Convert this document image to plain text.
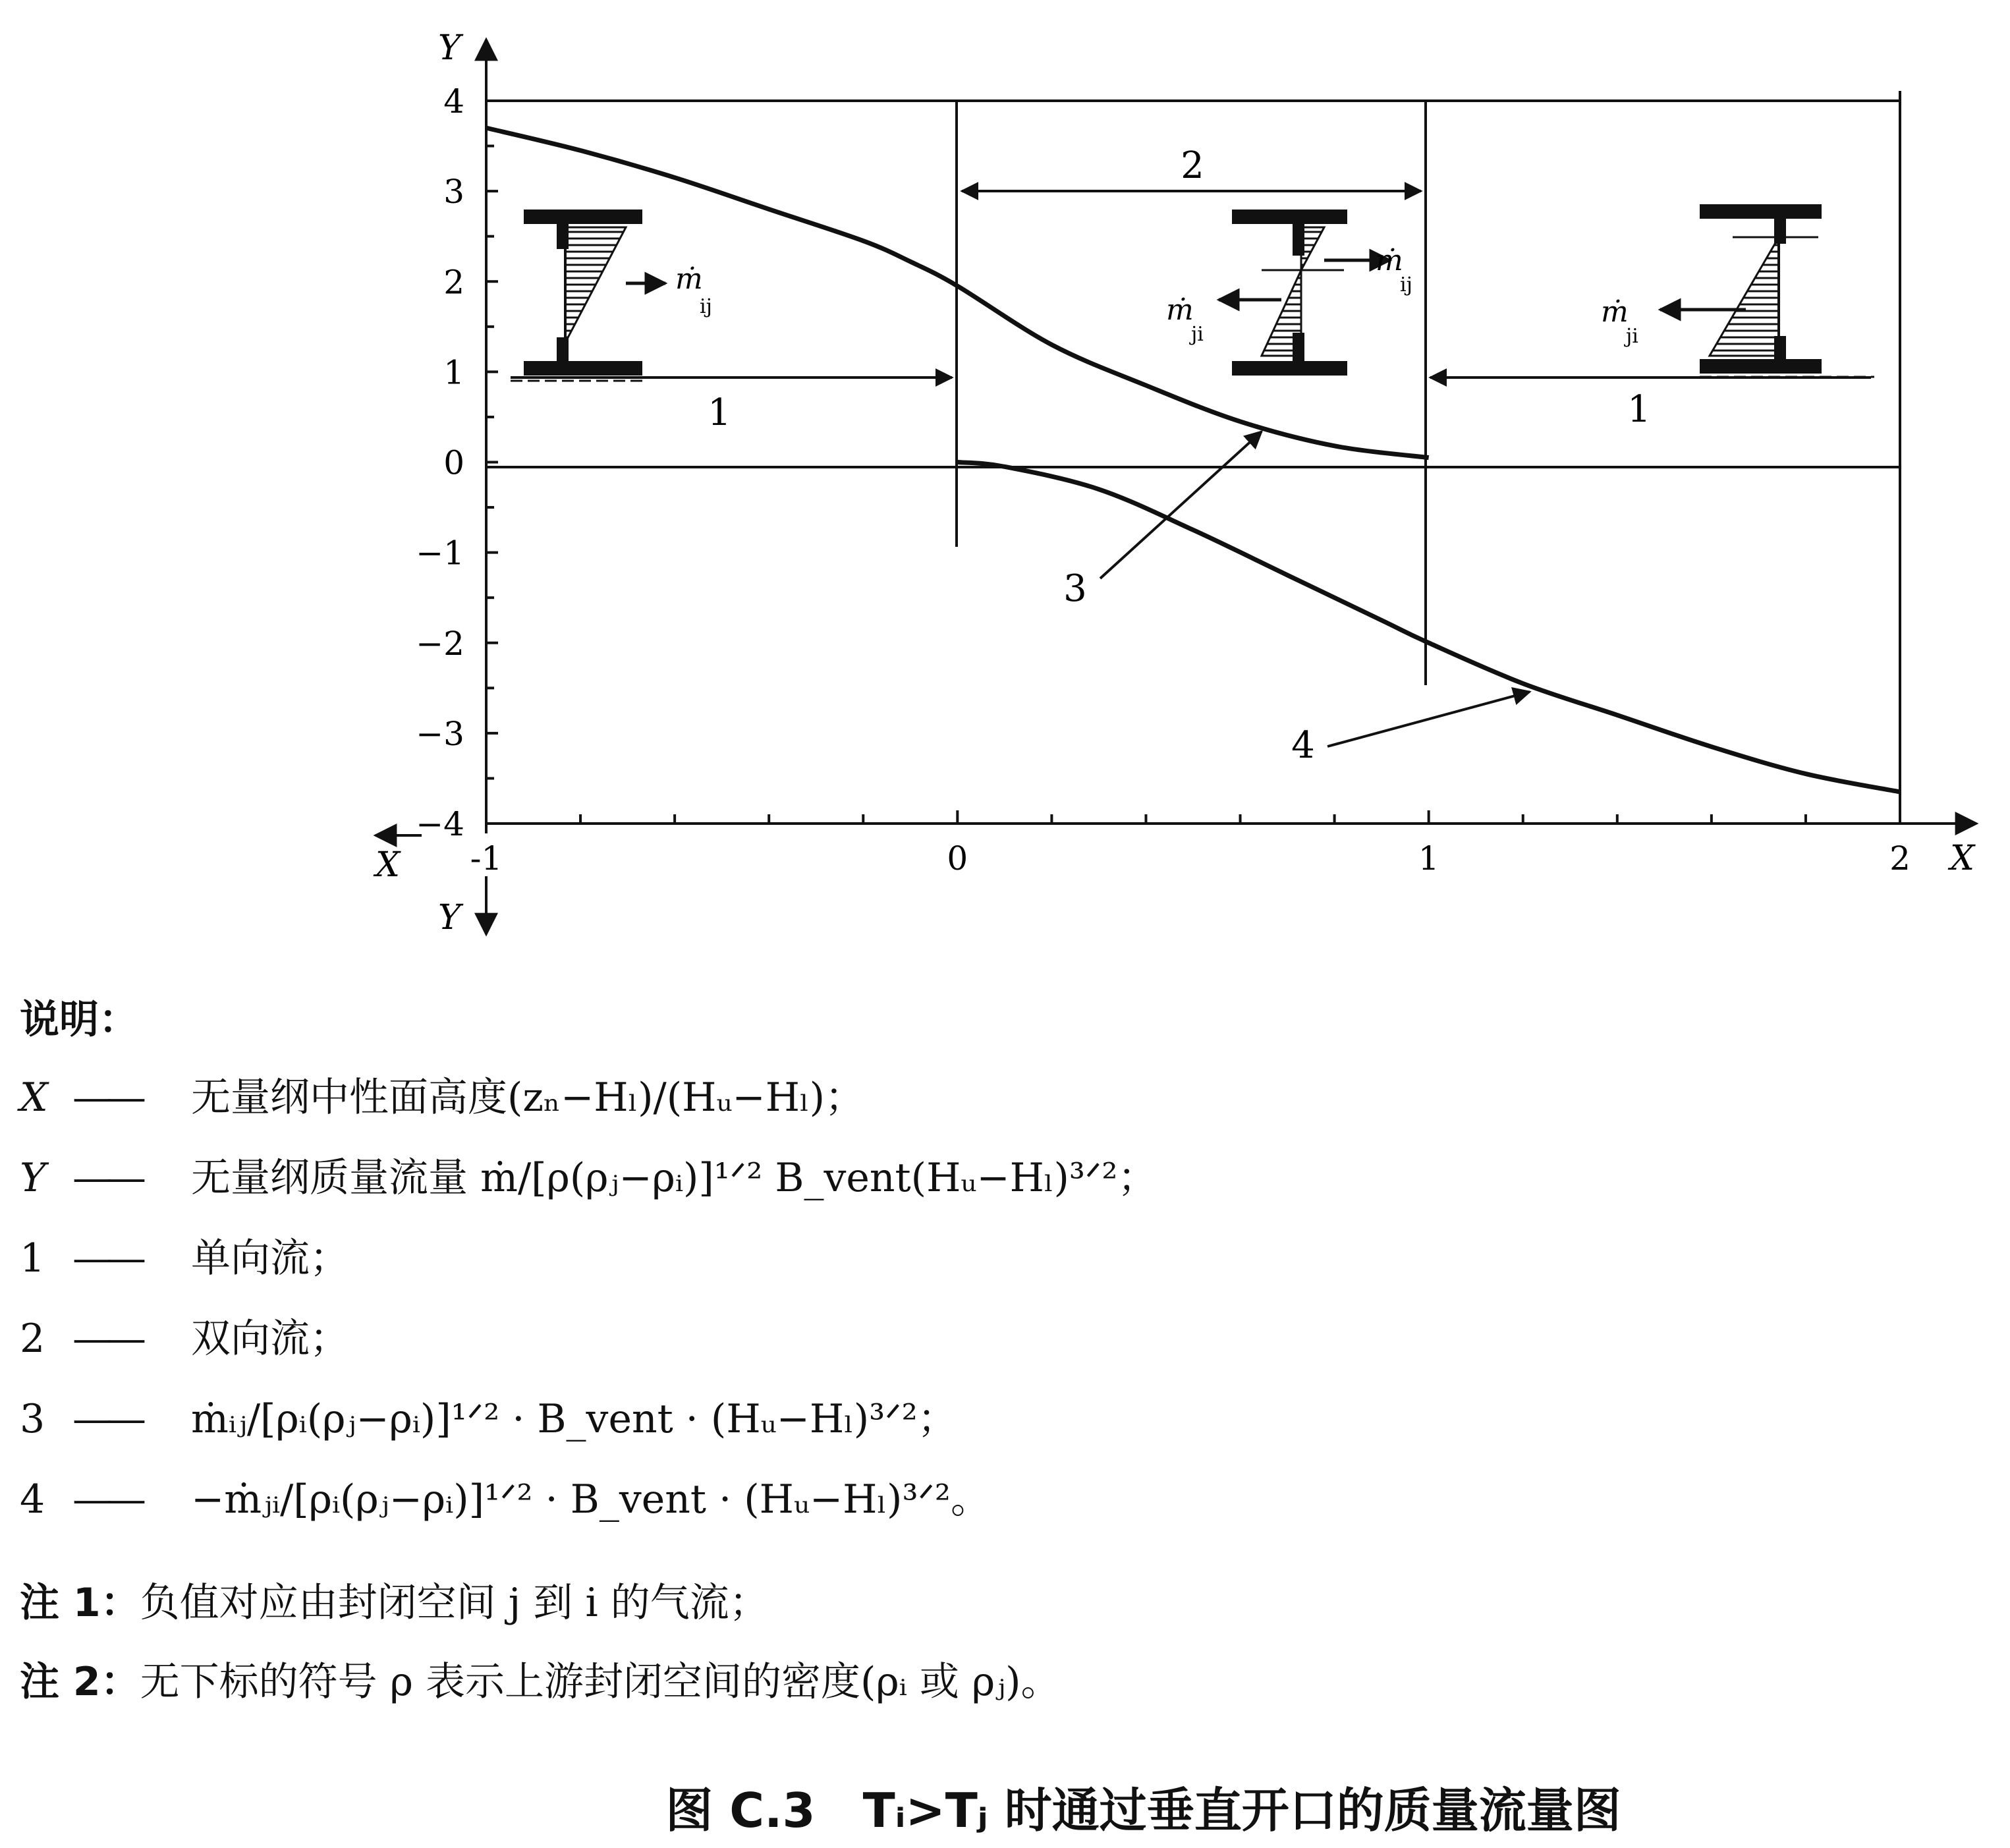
4
3
2
1
0
−1
−2
−3
−4
-1	0	1	2
Y
X
X
Y
1
2
1
3
4
ṁ
ij
ṁ
ij
ṁ
ji
ṁ
ji
说明：
X ——	无量纲中性面高度(zₙ−Hₗ)/(Hᵤ−Hₗ)；
Y ——	无量纲质量流量 ṁ/[ρ(ρⱼ−ρᵢ)]¹ᐟ² B_vent(Hᵤ−Hₗ)³ᐟ²；
1 ——	单向流；
2 ——	双向流；
3 ——	ṁᵢⱼ/[ρᵢ(ρⱼ−ρᵢ)]¹ᐟ² · B_vent · (Hᵤ−Hₗ)³ᐟ²；
4 ——	−ṁⱼᵢ/[ρᵢ(ρⱼ−ρᵢ)]¹ᐟ² · B_vent · (Hᵤ−Hₗ)³ᐟ²。
注 1：负值对应由封闭空间 j 到 i 的气流；
注 2：无下标的符号 ρ 表示上游封闭空间的密度(ρᵢ 或 ρⱼ)。
图 C.3　Tᵢ>Tⱼ 时通过垂直开口的质量流量图
